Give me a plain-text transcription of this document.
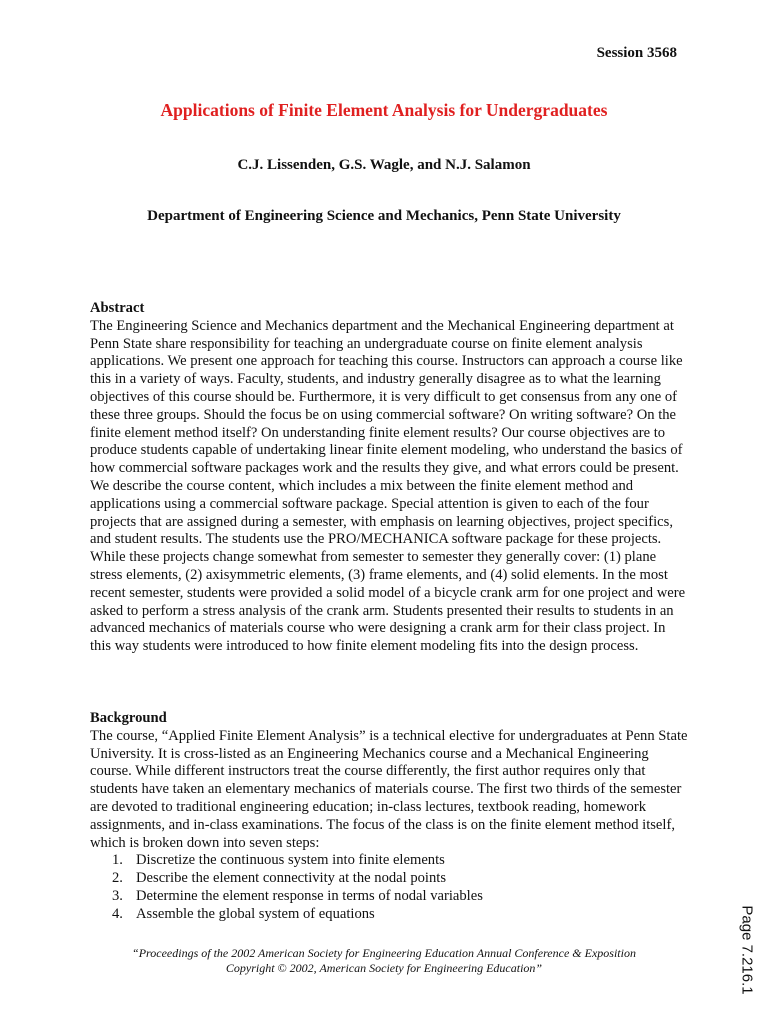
Session 3568
Applications of Finite Element Analysis for Undergraduates
C.J. Lissenden, G.S. Wagle, and N.J. Salamon
Department of Engineering Science and Mechanics, Penn State University

Abstract

The Engineering Science and Mechanics department and the Mechanical Engineering department at Penn State share responsibility for teaching an undergraduate course on finite element analysis applications. We present one approach for teaching this course. Instructors can approach a course like this in a variety of ways. Faculty, students, and industry generally disagree as to what the learning objectives of this course should be. Furthermore, it is very difficult to get consensus from any one of these three groups. Should the focus be on using commercial software? On writing software? On the finite element method itself? On understanding finite element results? Our course objectives are to produce students capable of undertaking linear finite element modeling, who understand the basics of how commercial software packages work and the results they give, and what errors could be present. We describe the course content, which includes a mix between the finite element method and applications using a commercial software package. Special attention is given to each of the four projects that are assigned during a semester, with emphasis on learning objectives, project specifics, and student results. The students use the PRO/MECHANICA software package for these projects. While these projects change somewhat from semester to semester they generally cover: (1) plane stress elements, (2) axisymmetric elements, (3) frame elements, and (4) solid elements. In the most recent semester, students were provided a solid model of a bicycle crank arm for one project and were asked to perform a stress analysis of the crank arm. Students presented their results to students in an advanced mechanics of materials course who were designing a crank arm for their class project. In this way students were introduced to how finite element modeling fits into the design process.

Background

The course, “Applied Finite Element Analysis” is a technical elective for undergraduates at Penn State University. It is cross-listed as an Engineering Mechanics course and a Mechanical Engineering course. While different instructors treat the course differently, the first author requires only that students have taken an elementary mechanics of materials course. The first two thirds of the semester are devoted to traditional engineering education; in-class lectures, textbook reading, homework assignments, and in-class examinations. The focus of the class is on the finite element method itself, which is broken down into seven steps:

1. Discretize the continuous system into finite elements
2. Describe the element connectivity at the nodal points
3. Determine the element response in terms of nodal variables
4. Assemble the global system of equations
“Proceedings of the 2002 American Society for Engineering Education Annual Conference & Exposition
Copyright © 2002, American Society for Engineering Education”	Page 7.216.1
